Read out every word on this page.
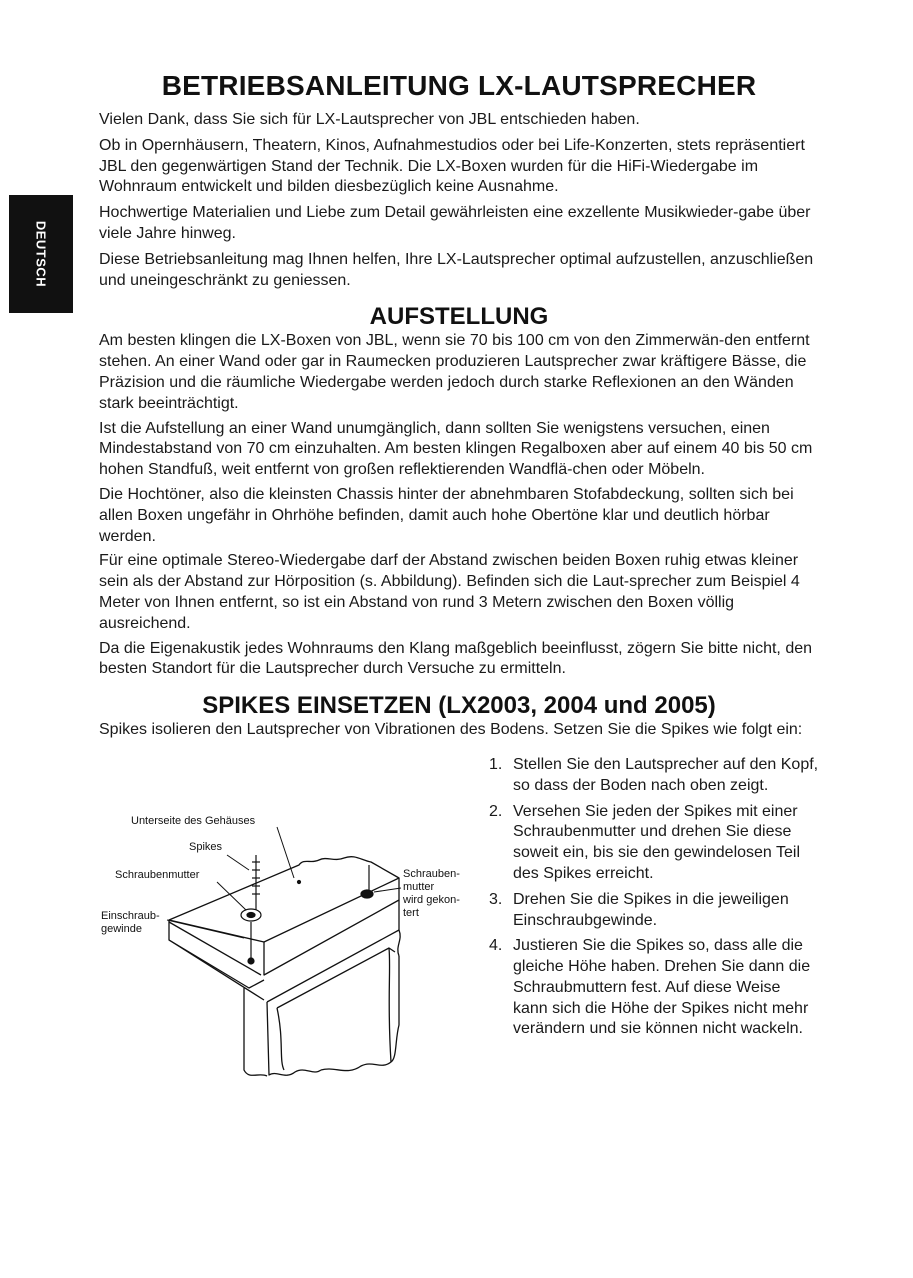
DEUTSCH
BETRIEBSANLEITUNG LX-LAUTSPRECHER

Vielen Dank, dass Sie sich für LX-Lautsprecher von JBL entschieden haben.

Ob in Opernhäusern, Theatern, Kinos, Aufnahmestudios oder bei Life-Konzerten, stets repräsentiert JBL den gegenwärtigen Stand der Technik. Die LX-Boxen wurden für die HiFi-Wiedergabe im Wohnraum entwickelt und bilden diesbezüglich keine Ausnahme.

Hochwertige Materialien und Liebe zum Detail gewährleisten eine exzellente Musikwieder-gabe über viele Jahre hinweg.

Diese Betriebsanleitung mag Ihnen helfen, Ihre LX-Lautsprecher optimal aufzustellen, anzuschließen und uneingeschränkt zu geniessen.

AUFSTELLUNG

Am besten klingen die LX-Boxen von JBL, wenn sie 70 bis 100 cm von den Zimmerwän-den entfernt stehen. An einer Wand oder gar in Raumecken produzieren Lautsprecher zwar kräftigere Bässe, die Präzision und die räumliche Wiedergabe werden jedoch durch starke Reflexionen an den Wänden stark beeinträchtigt.

Ist die Aufstellung an einer Wand unumgänglich, dann sollten Sie wenigstens versuchen, einen Mindestabstand von 70 cm einzuhalten. Am besten klingen Regalboxen aber auf einem 40 bis 50 cm hohen Standfuß, weit entfernt von großen reflektierenden Wandflä-chen oder Möbeln.

Die Hochtöner, also die kleinsten Chassis hinter der abnehmbaren Stofabdeckung, sollten sich bei allen Boxen ungefähr in Ohrhöhe befinden, damit auch hohe Obertöne klar und deutlich hörbar werden.

Für eine optimale Stereo-Wiedergabe darf der Abstand zwischen beiden Boxen ruhig etwas kleiner sein als der Abstand zur Hörposition (s. Abbildung). Befinden sich die Laut-sprecher zum Beispiel 4 Meter von Ihnen entfernt, so ist ein Abstand von rund 3 Metern zwischen den Boxen völlig ausreichend.

Da die Eigenakustik jedes Wohnraums den Klang maßgeblich beeinflusst, zögern Sie bitte nicht, den besten Standort für die Lautsprecher durch Versuche zu ermitteln.

SPIKES EINSETZEN (LX2003, 2004 und 2005)

Spikes isolieren den Lautsprecher von Vibrationen des Bodens. Setzen Sie die Spikes wie folgt ein:

Unterseite des Gehäuses
Spikes
Schraubenmutter
Einschraub-
gewinde
Schrauben-
mutter
wird gekon-
tert
1. Stellen Sie den Lautsprecher auf den Kopf, so dass der Boden nach oben zeigt.
2. Versehen Sie jeden der Spikes mit einer Schraubenmutter und drehen Sie diese soweit ein, bis sie den gewindelosen Teil des Spikes erreicht.
3. Drehen Sie die Spikes in die jeweiligen Einschraubgewinde.
4. Justieren Sie die Spikes so, dass alle die gleiche Höhe haben. Drehen Sie dann die Schraubmuttern fest. Auf diese Weise kann sich die Höhe der Spikes nicht mehr verändern und sie können nicht wackeln.
